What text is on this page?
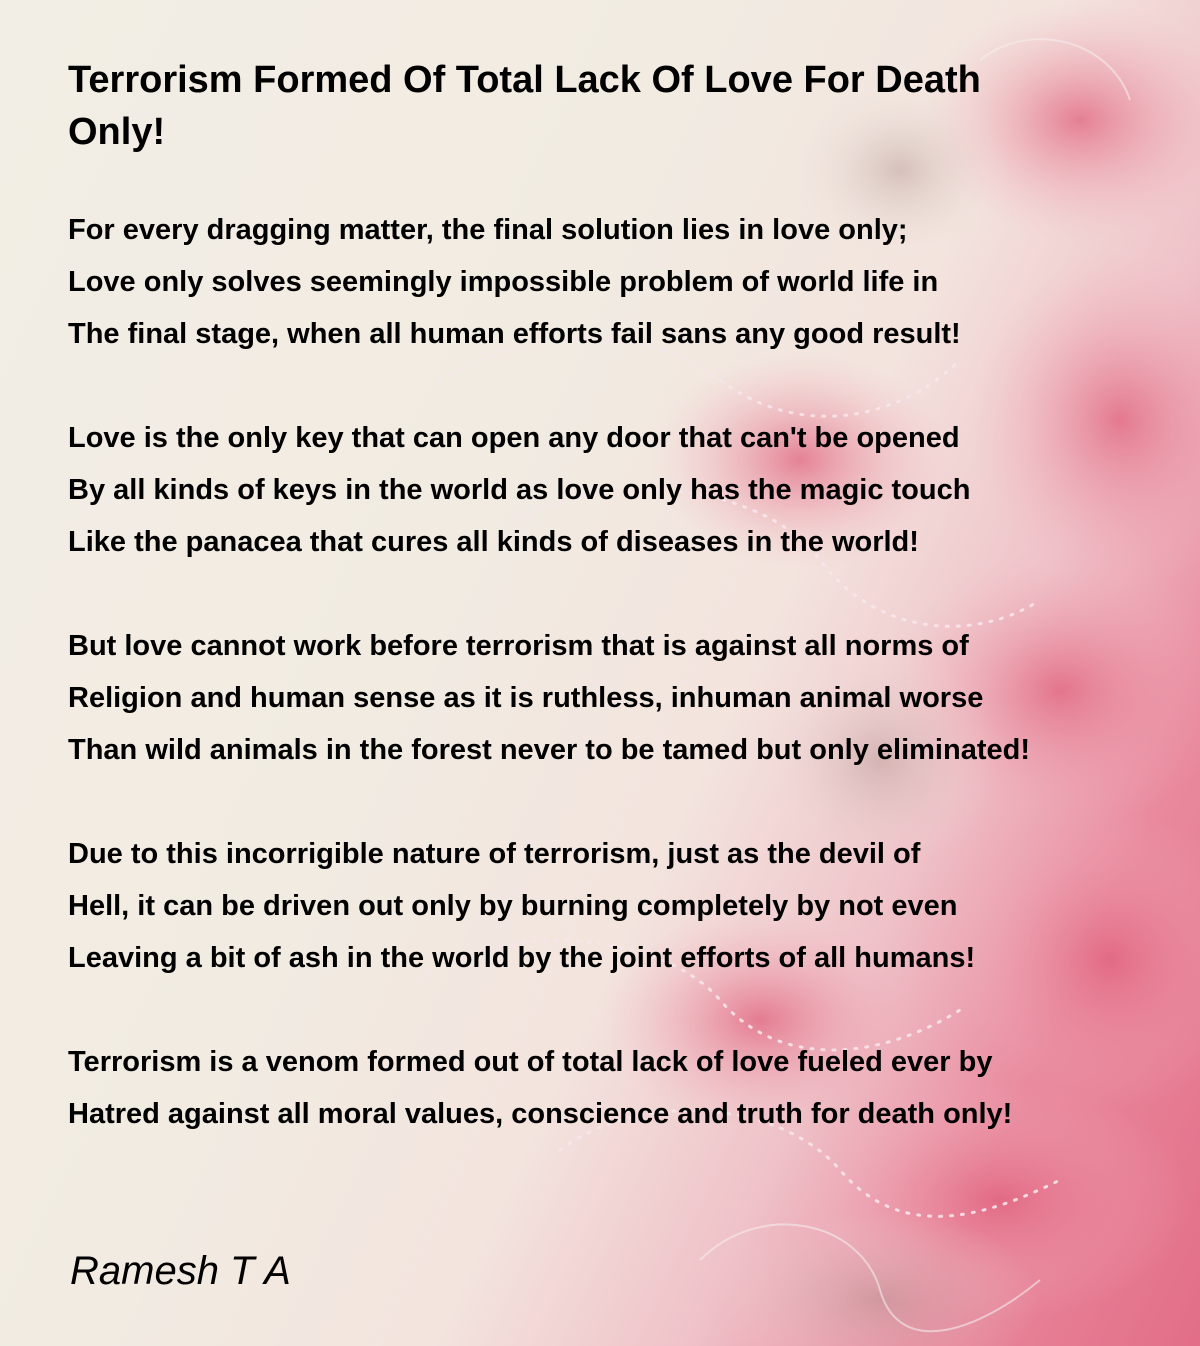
Terrorism Formed Of Total Lack Of Love For Death Only!
For every dragging matter, the final solution lies in love only;
Love only solves seemingly impossible problem of world life in
The final stage, when all human efforts fail sans any good result!
Love is the only key that can open any door that can't be opened
By all kinds of keys in the world as love only has the magic touch
Like the panacea that cures all kinds of diseases in the world!
But love cannot work before terrorism that is against all norms of
Religion and human sense as it is ruthless, inhuman animal worse
Than wild animals in the forest never to be tamed but only eliminated!
Due to this incorrigible nature of terrorism, just as the devil of
Hell, it can be driven out only by burning completely by not even
Leaving a bit of ash in the world by the joint efforts of all humans!
Terrorism is a venom formed out of total lack of love fueled ever by
Hatred against all moral values, conscience and truth for death only!
Ramesh T A
